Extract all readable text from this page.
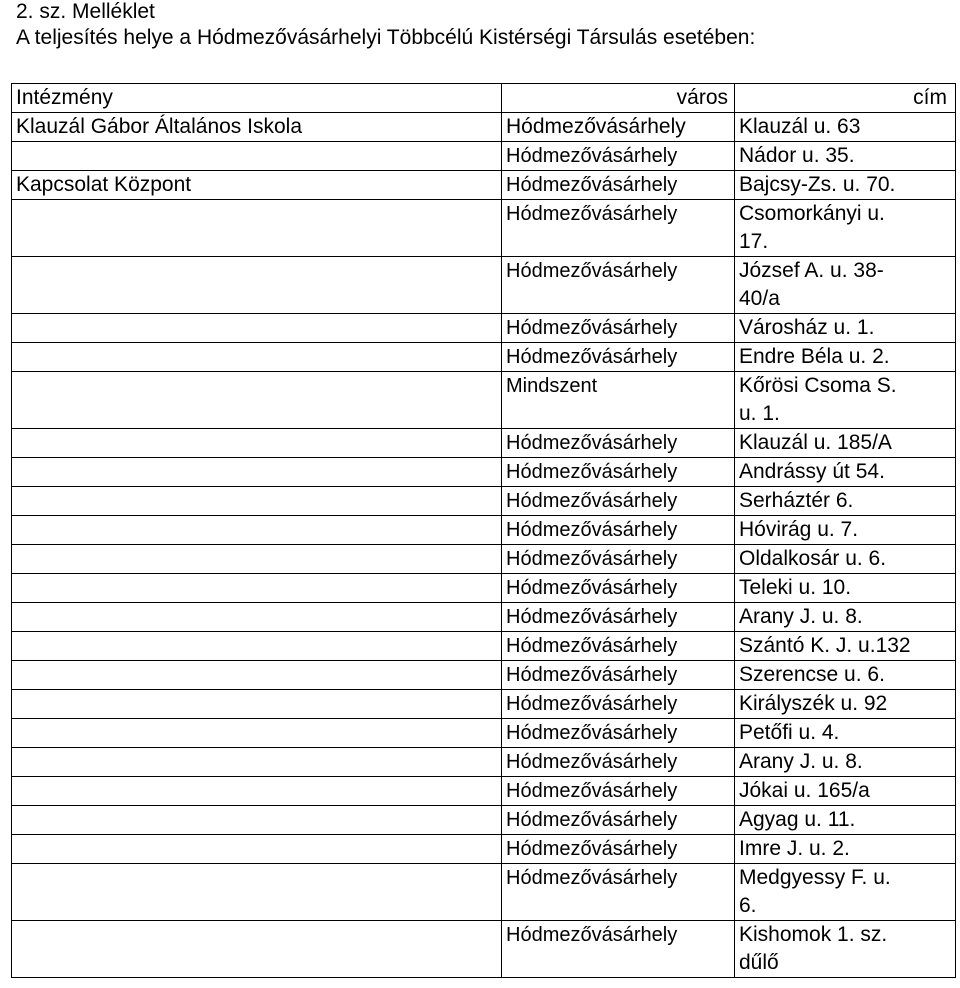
2. sz. Melléklet
A teljesítés helye a Hódmezővásárhelyi Többcélú Kistérségi Társulás esetében:
Intézmény	város	cím
Klauzál Gábor Általános Iskola	Hódmezővásárhely	Klauzál u. 63

	Hódmezővásárhely	Nádor u. 35.

Kapcsolat Központ	Hódmezővásárhely	Bajcsy-Zs. u. 70.

	Hódmezővásárhely	Csomorkányi u.
17.

	Hódmezővásárhely	József A. u. 38-
40/a

	Hódmezővásárhely	Városház u. 1.

	Hódmezővásárhely	Endre Béla u. 2.

	Mindszent	Kőrösi Csoma S.
u. 1.

	Hódmezővásárhely	Klauzál u. 185/A

	Hódmezővásárhely	Andrássy út 54.

	Hódmezővásárhely	Serháztér 6.

	Hódmezővásárhely	Hóvirág u. 7.

	Hódmezővásárhely	Oldalkosár u. 6.

	Hódmezővásárhely	Teleki u. 10.

	Hódmezővásárhely	Arany J. u. 8.

	Hódmezővásárhely	Szántó K. J. u.132

	Hódmezővásárhely	Szerencse u. 6.

	Hódmezővásárhely	Királyszék u. 92

	Hódmezővásárhely	Petőfi u. 4.

	Hódmezővásárhely	Arany J. u. 8.

	Hódmezővásárhely	Jókai u. 165/a

	Hódmezővásárhely	Agyag u. 11.

	Hódmezővásárhely	Imre J. u. 2.

	Hódmezővásárhely	Medgyessy F. u.
6.

	Hódmezővásárhely	Kishomok 1. sz.
dűlő
